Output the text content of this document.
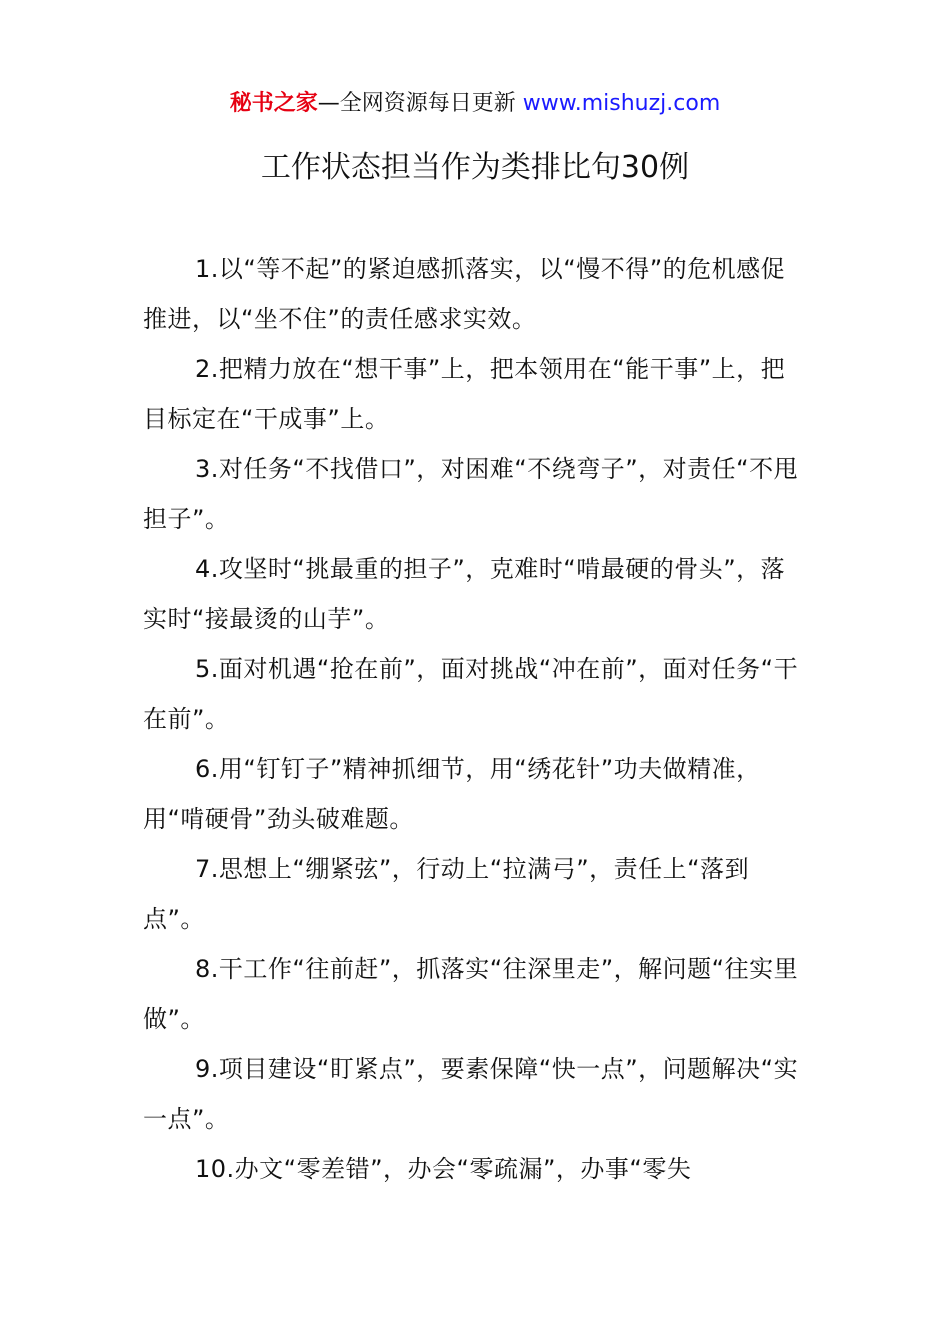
秘书之家—全网资源每日更新 www.mishuzj.com
工作状态担当作为类排比句30例

1.以“等不起”的紧迫感抓落实，以“慢不得”的危机感促推进，以“坐不住”的责任感求实效。

2.把精力放在“想干事”上，把本领用在“能干事”上，把目标定在“干成事”上。

3.对任务“不找借口”，对困难“不绕弯子”，对责任“不甩担子”。

4.攻坚时“挑最重的担子”，克难时“啃最硬的骨头”，落实时“接最烫的山芋”。

5.面对机遇“抢在前”，面对挑战“冲在前”，面对任务“干在前”。

6.用“钉钉子”精神抓细节，用“绣花针”功夫做精准，用“啃硬骨”劲头破难题。

7.思想上“绷紧弦”，行动上“拉满弓”，责任上“落到点”。

8.干工作“往前赶”，抓落实“往深里走”，解问题“往实里做”。

9.项目建设“盯紧点”，要素保障“快一点”，问题解决“实一点”。

10.办文“零差错”，办会“零疏漏”，办事“零失
